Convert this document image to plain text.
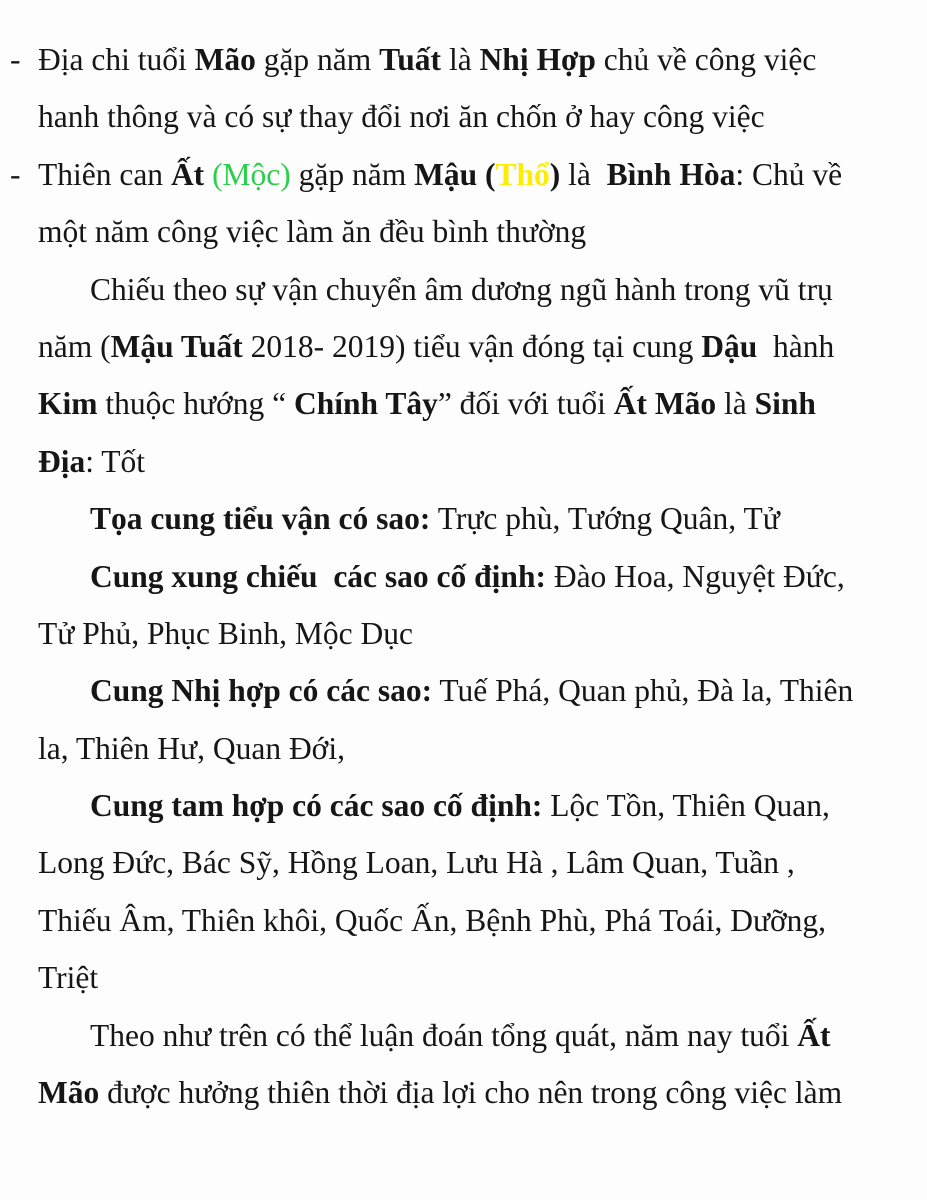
- Địa chi tuổi Mão gặp năm Tuất là Nhị Hợp chủ về công việc
hanh thông và có sự thay đổi nơi ăn chốn ở hay công việc
- Thiên can Ất (Mộc) gặp năm Mậu (Thổ) là  Bình Hòa: Chủ về
một năm công việc làm ăn đều bình thường
Chiếu theo sự vận chuyển âm dương ngũ hành trong vũ trụ
năm (Mậu Tuất 2018- 2019) tiểu vận đóng tại cung Dậu  hành
Kim thuộc hướng “ Chính Tây” đối với tuổi Ất Mão là Sinh
Địa: Tốt
Tọa cung tiểu vận có sao: Trực phù, Tướng Quân, Tử
Cung xung chiếu  các sao cố định: Đào Hoa, Nguyệt Đức,
Tử Phủ, Phục Binh, Mộc Dục
Cung Nhị hợp có các sao: Tuế Phá, Quan phủ, Đà la, Thiên
la, Thiên Hư, Quan Đới,
Cung tam hợp có các sao cố định: Lộc Tồn, Thiên Quan,
Long Đức, Bác Sỹ, Hồng Loan, Lưu Hà , Lâm Quan, Tuần ,
Thiếu Âm, Thiên khôi, Quốc Ấn, Bệnh Phù, Phá Toái, Dưỡng,
Triệt
Theo như trên có thể luận đoán tổng quát, năm nay tuổi Ất
Mão được hưởng thiên thời địa lợi cho nên trong công việc làm
